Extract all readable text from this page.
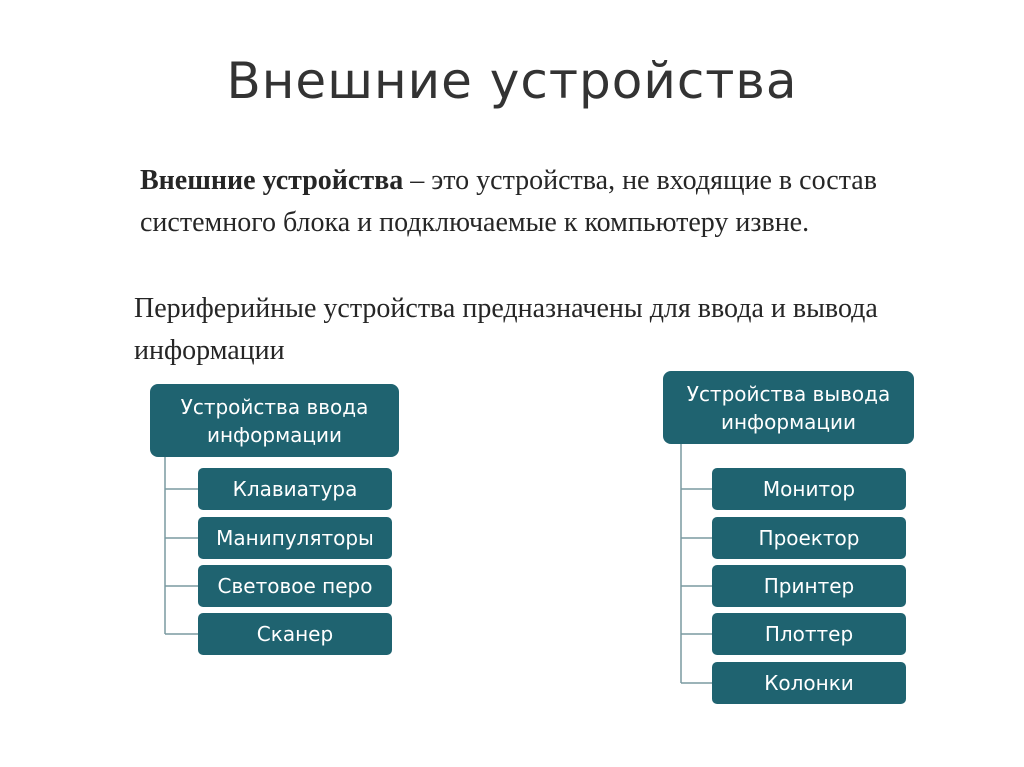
Внешние устройства
Внешние устройства – это устройства, не входящие в состав системного блока и подключаемые к компьютеру извне.
Периферийные устройства предназначены для ввода и вывода информации
Устройства ввода информации
Клавиатура
Манипуляторы
Световое перо
Сканер
Устройства вывода информации
Монитор
Проектор
Принтер
Плоттер
Колонки
